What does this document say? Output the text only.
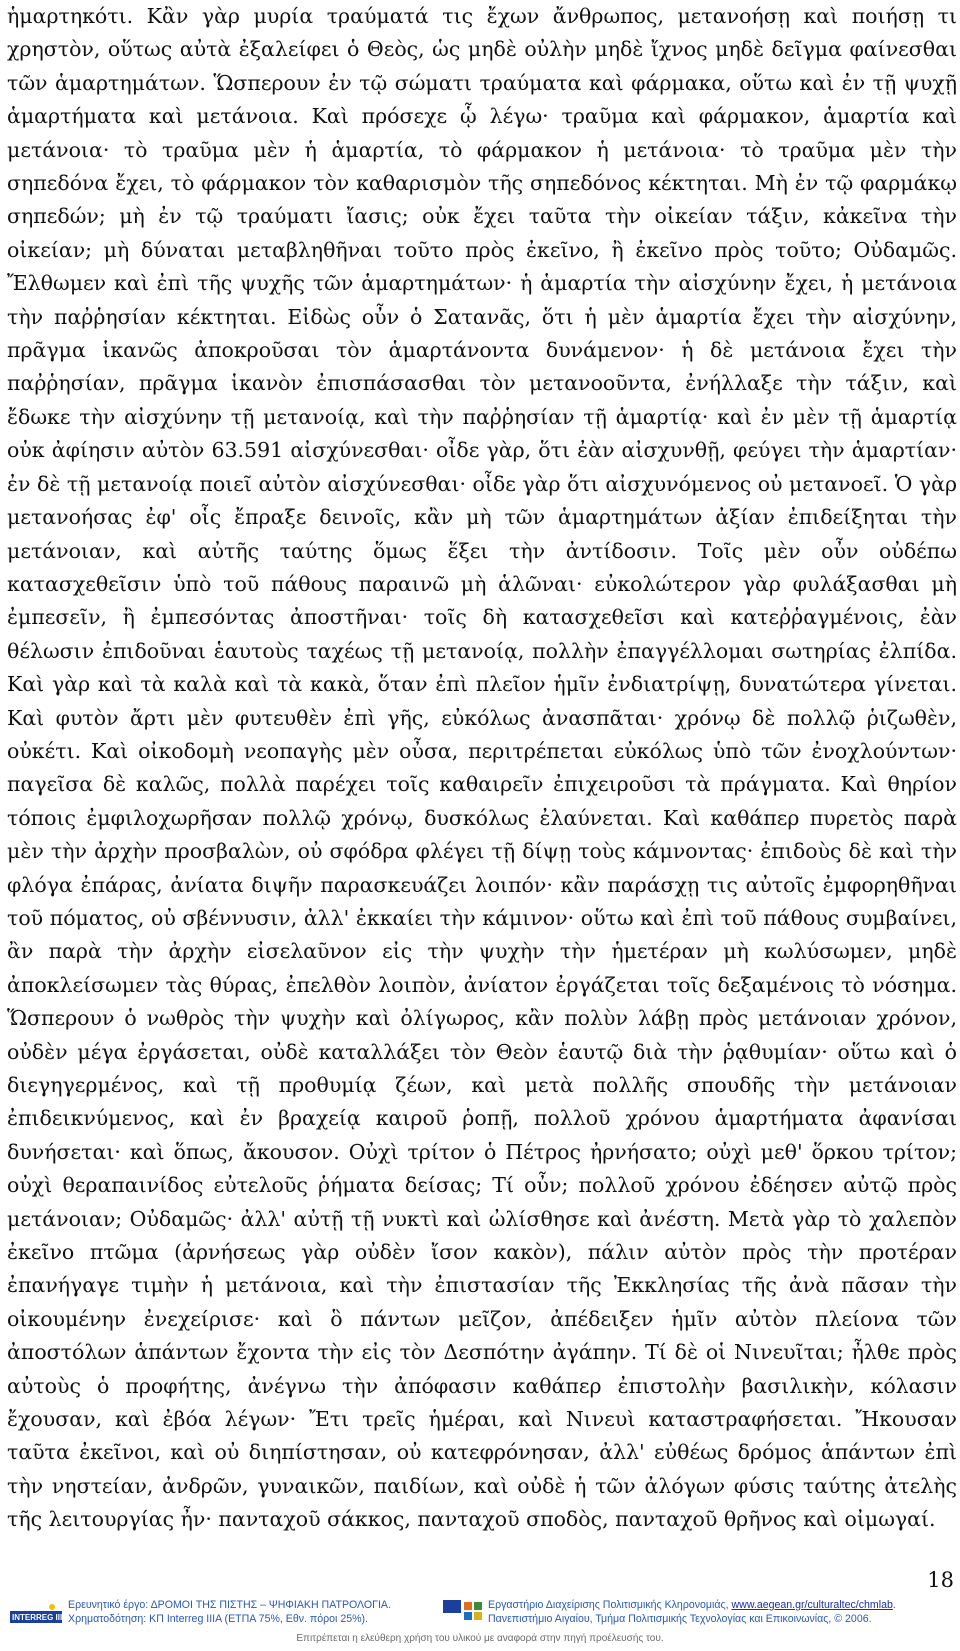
ἡμαρτηκότι. Κἂν γὰρ μυρία τραύματά τις ἔχων ἄνθρωπος, μετανοήσῃ καὶ ποιήσῃ τι χρηστὸν, οὕτως αὐτὰ ἐξαλείφει ὁ Θεὸς, ὡς μηδὲ οὐλὴν μηδὲ ἴχνος μηδὲ δεῖγμα φαίνεσθαι τῶν ἁμαρτημάτων. Ὥσπερουν ἐν τῷ σώματι τραύματα καὶ φάρμακα, οὕτω καὶ ἐν τῇ ψυχῇ ἁμαρτήματα καὶ μετάνοια. Καὶ πρόσεχε ᾧ λέγω· τραῦμα καὶ φάρμακον, ἁμαρτία καὶ μετάνοια· τὸ τραῦμα μὲν ἡ ἁμαρτία, τὸ φάρμακον ἡ μετάνοια· τὸ τραῦμα μὲν τὴν σηπεδόνα ἔχει, τὸ φάρμακον τὸν καθαρισμὸν τῆς σηπεδόνος κέκτηται. Μὴ ἐν τῷ φαρμάκῳ σηπεδών; μὴ ἐν τῷ τραύματι ἴασις; οὐκ ἔχει ταῦτα τὴν οἰκείαν τάξιν, κἀκεῖνα τὴν οἰκείαν; μὴ δύναται μεταβληθῆναι τοῦτο πρὸς ἐκεῖνο, ἢ ἐκεῖνο πρὸς τοῦτο; Οὐδαμῶς. Ἔλθωμεν καὶ ἐπὶ τῆς ψυχῆς τῶν ἁμαρτημάτων· ἡ ἁμαρτία τὴν αἰσχύνην ἔχει, ἡ μετάνοια τὴν παῤῥησίαν κέκτηται. Εἰδὼς οὖν ὁ Σατανᾶς, ὅτι ἡ μὲν ἁμαρτία ἔχει τὴν αἰσχύνην, πρᾶγμα ἱκανῶς ἀποκροῦσαι τὸν ἁμαρτάνοντα δυνάμενον· ἡ δὲ μετάνοια ἔχει τὴν παῤῥησίαν, πρᾶγμα ἱκανὸν ἐπισπάσασθαι τὸν μετανοοῦντα, ἐνήλλαξε τὴν τάξιν, καὶ ἔδωκε τὴν αἰσχύνην τῇ μετανοίᾳ, καὶ τὴν παῤῥησίαν τῇ ἁμαρτίᾳ· καὶ ἐν μὲν τῇ ἁμαρτίᾳ οὐκ ἀφίησιν αὐτὸν 63.591 αἰσχύνεσθαι· οἶδε γὰρ, ὅτι ἐὰν αἰσχυνθῇ, φεύγει τὴν ἁμαρτίαν· ἐν δὲ τῇ μετανοίᾳ ποιεῖ αὐτὸν αἰσχύνεσθαι· οἶδε γὰρ ὅτι αἰσχυνόμενος οὐ μετανοεῖ. Ὁ γὰρ μετανοήσας ἐφ' οἷς ἔπραξε δεινοῖς, κἂν μὴ τῶν ἁμαρτημάτων ἀξίαν ἐπιδείξηται τὴν μετάνοιαν, καὶ αὐτῆς ταύτης ὅμως ἕξει τὴν ἀντίδοσιν. Τοῖς μὲν οὖν οὐδέπω κατασχεθεῖσιν ὑπὸ τοῦ πάθους παραινῶ μὴ ἁλῶναι· εὐκολώτερον γὰρ φυλάξασθαι μὴ ἐμπεσεῖν, ἢ ἐμπεσόντας ἀποστῆναι· τοῖς δὴ κατασχεθεῖσι καὶ κατεῤῥαγμένοις, ἐὰν θέλωσιν ἐπιδοῦναι ἑαυτοὺς ταχέως τῇ μετανοίᾳ, πολλὴν ἐπαγγέλλομαι σωτηρίας ἐλπίδα. Καὶ γὰρ καὶ τὰ καλὰ καὶ τὰ κακὰ, ὅταν ἐπὶ πλεῖον ἡμῖν ἐνδιατρίψῃ, δυνατώτερα γίνεται. Καὶ φυτὸν ἄρτι μὲν φυτευθὲν ἐπὶ γῆς, εὐκόλως ἀνασπᾶται· χρόνῳ δὲ πολλῷ ῥιζωθὲν, οὐκέτι. Καὶ οἰκοδομὴ νεοπαγὴς μὲν οὖσα, περιτρέπεται εὐκόλως ὑπὸ τῶν ἐνοχλούντων· παγεῖσα δὲ καλῶς, πολλὰ παρέχει τοῖς καθαιρεῖν ἐπιχειροῦσι τὰ πράγματα. Καὶ θηρίον τόποις ἐμφιλοχωρῆσαν πολλῷ χρόνῳ, δυσκόλως ἐλαύνεται. Καὶ καθάπερ πυρετὸς παρὰ μὲν τὴν ἀρχὴν προσβαλὼν, οὐ σφόδρα φλέγει τῇ δίψῃ τοὺς κάμνοντας· ἐπιδοὺς δὲ καὶ τὴν φλόγα ἐπάρας, ἀνίατα διψῆν παρασκευάζει λοιπόν· κἂν παράσχῃ τις αὐτοῖς ἐμφορηθῆναι τοῦ πόματος, οὐ σβέννυσιν, ἀλλ' ἐκκαίει τὴν κάμινον· οὕτω καὶ ἐπὶ τοῦ πάθους συμβαίνει, ἂν παρὰ τὴν ἀρχὴν εἰσελαῦνον εἰς τὴν ψυχὴν τὴν ἡμετέραν μὴ κωλύσωμεν, μηδὲ ἀποκλείσωμεν τὰς θύρας, ἐπελθὸν λοιπὸν, ἀνίατον ἐργάζεται τοῖς δεξαμένοις τὸ νόσημα. Ὥσπερουν ὁ νωθρὸς τὴν ψυχὴν καὶ ὀλίγωρος, κἂν πολὺν λάβῃ πρὸς μετάνοιαν χρόνον, οὐδὲν μέγα ἐργάσεται, οὐδὲ καταλλάξει τὸν Θεὸν ἑαυτῷ διὰ τὴν ῥᾳθυμίαν· οὕτω καὶ ὁ διεγηγερμένος, καὶ τῇ προθυμίᾳ ζέων, καὶ μετὰ πολλῆς σπουδῆς τὴν μετάνοιαν ἐπιδεικνύμενος, καὶ ἐν βραχείᾳ καιροῦ ῥοπῇ, πολλοῦ χρόνου ἁμαρτήματα ἀφανίσαι δυνήσεται· καὶ ὅπως, ἄκουσον. Οὐχὶ τρίτον ὁ Πέτρος ἠρνήσατο; οὐχὶ μεθ' ὅρκου τρίτον; οὐχὶ θεραπαινίδος εὐτελοῦς ῥήματα δείσας; Τί οὖν; πολλοῦ χρόνου ἐδέησεν αὐτῷ πρὸς μετάνοιαν; Οὐδαμῶς· ἀλλ' αὐτῇ τῇ νυκτὶ καὶ ὠλίσθησε καὶ ἀνέστη. Μετὰ γὰρ τὸ χαλεπὸν ἐκεῖνο πτῶμα (ἀρνήσεως γὰρ οὐδὲν ἴσον κακὸν), πάλιν αὐτὸν πρὸς τὴν προτέραν ἐπανήγαγε τιμὴν ἡ μετάνοια, καὶ τὴν ἐπιστασίαν τῆς Ἐκκλησίας τῆς ἀνὰ πᾶσαν τὴν οἰκουμένην ἐνεχείρισε· καὶ ὃ πάντων μεῖζον, ἀπέδειξεν ἡμῖν αὐτὸν πλείονα τῶν ἀποστόλων ἁπάντων ἔχοντα τὴν εἰς τὸν Δεσπότην ἀγάπην. Τί δὲ οἱ Νινευῖται; ἦλθε πρὸς αὐτοὺς ὁ προφήτης, ἀνέγνω τὴν ἀπόφασιν καθάπερ ἐπιστολὴν βασιλικὴν, κόλασιν ἔχουσαν, καὶ ἐβόα λέγων· Ἔτι τρεῖς ἡμέραι, καὶ Νινευὶ καταστραφήσεται. Ἤκουσαν ταῦτα ἐκεῖνοι, καὶ οὐ διηπίστησαν, οὐ κατεφρόνησαν, ἀλλ' εὐθέως δρόμος ἁπάντων ἐπὶ τὴν νηστείαν, ἀνδρῶν, γυναικῶν, παιδίων, καὶ οὐδὲ ἡ τῶν ἀλόγων φύσις ταύτης ἀτελὴς τῆς λειτουργίας ἦν· πανταχοῦ σάκκος, πανταχοῦ σποδὸς, πανταχοῦ θρῆνος καὶ οἰμωγαί.

18
INTERREG III
Ερευνητικό έργο: ΔΡΟΜΟΙ ΤΗΣ ΠΙΣΤΗΣ – ΨΗΦΙΑΚΗ ΠΑΤΡΟΛΟΓΙΑ.
Χρηματοδότηση: ΚΠ Interreg IIIA (ΕΤΠΑ 75%, Εθν. πόροι 25%).
Εργαστήριο Διαχείρισης Πολιτισμικής Κληρονομιάς, www.aegean.gr/culturaltec/chmlab.
Πανεπιστήμιο Αιγαίου, Τμήμα Πολιτισμικής Τεχνολογίας και Επικοινωνίας, © 2006.
Επιτρέπεται η ελεύθερη χρήση του υλικού με αναφορά στην πηγή προέλευσής του.
